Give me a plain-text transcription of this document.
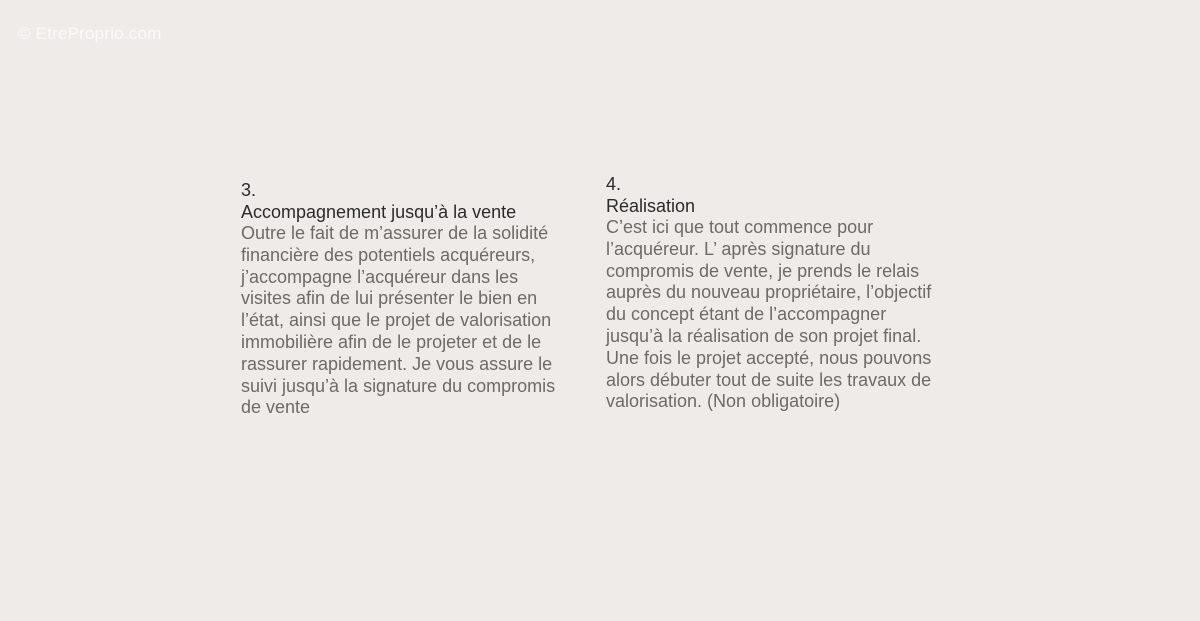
© EtreProprio.com
3.
Accompagnement jusqu’à la vente
Outre le fait de m’assurer de la solidité
financière des potentiels acquéreurs,
j’accompagne l’acquéreur dans les
visites afin de lui présenter le bien en
l’état, ainsi que le projet de valorisation
immobilière afin de le projeter et de le
rassurer rapidement. Je vous assure le
suivi jusqu’à la signature du compromis
de vente
4.
Réalisation
C’est ici que tout commence pour
l’acquéreur. L’ après signature du
compromis de vente, je prends le relais
auprès du nouveau propriétaire, l’objectif
du concept étant de l’accompagner
jusqu’à la réalisation de son projet final.
Une fois le projet accepté, nous pouvons
alors débuter tout de suite les travaux de
valorisation. (Non obligatoire)
